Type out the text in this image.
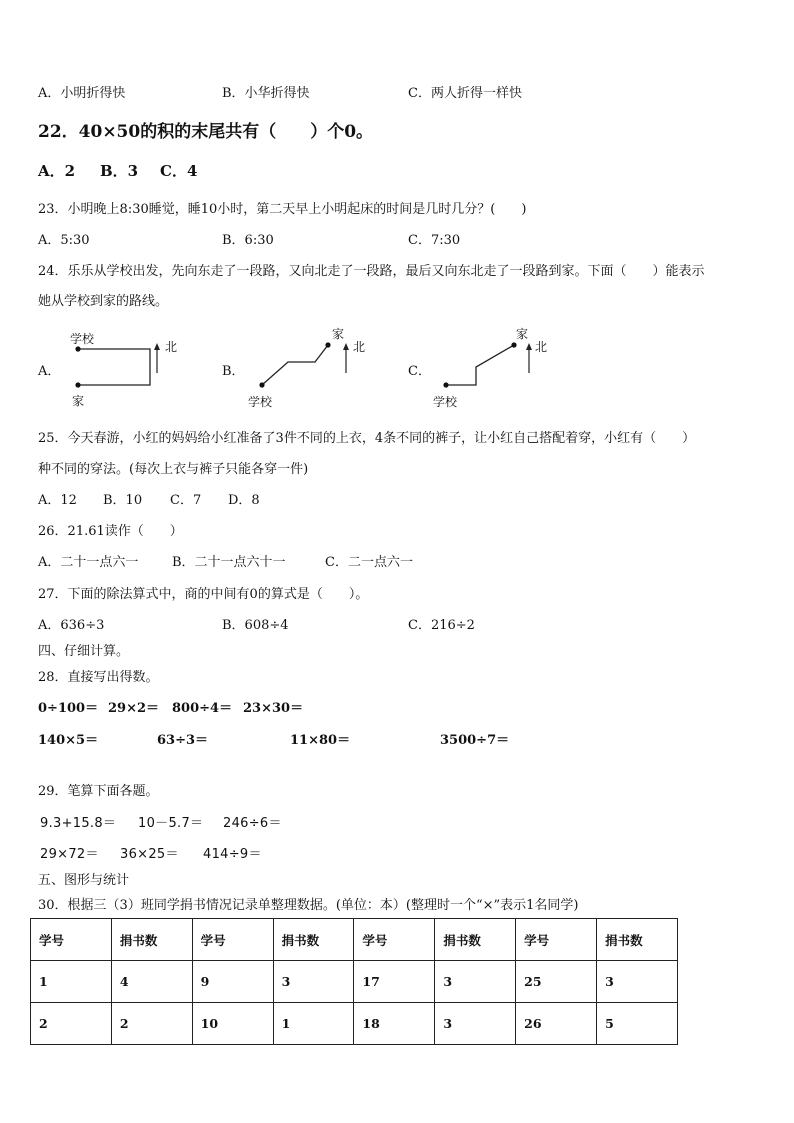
A．小明折得快	B．小华折得快	C．两人折得一样快
22．40×50的积的末尾共有（　　）个0。
A．2 B．3 C．4
23．小明晚上8:30睡觉，睡10小时，第二天早上小明起床的时间是几时几分？(　　)
A．5:30	B．6:30	C．7:30
24．乐乐从学校出发，先向东走了一段路，又向北走了一段路，最后又向东北走了一段路到家。下面（　　）能表示
她从学校到家的路线。
A．	B．	C．
学校
家
北
学校
家
北
学校
家
北
25．今天春游，小红的妈妈给小红准备了3件不同的上衣，4条不同的裤子，让小红自己搭配着穿，小红有（　　）
种不同的穿法。(每次上衣与裤子只能各穿一件)
A．12 B．10 C．7 D．8
26．21.61读作（　　）
A．二十一点六一	B．二十一点六十一	C．二一点六一
27．下面的除法算式中，商的中间有0的算式是（　　）。
A．636÷3	B．608÷4	C．216÷2
四、仔细计算。
28．直接写出得数。
0÷100＝ 29×2＝ 800÷4＝ 23×30＝
140×5＝	63÷3＝	11×80＝	3500÷7＝
29．笔算下面各题。
9.3+15.8＝ 10－5.7＝ 246÷6＝
29×72＝ 36×25＝ 414÷9＝
五、图形与统计
30．根据三（3）班同学捐书情况记录单整理数据。(单位：本）(整理时一个“×”表示1名同学)
学号	捐书数	学号	捐书数	学号	捐书数	学号	捐书数
1	4	9	3	17	3	25	3
2	2	10	1	18	3	26	5
